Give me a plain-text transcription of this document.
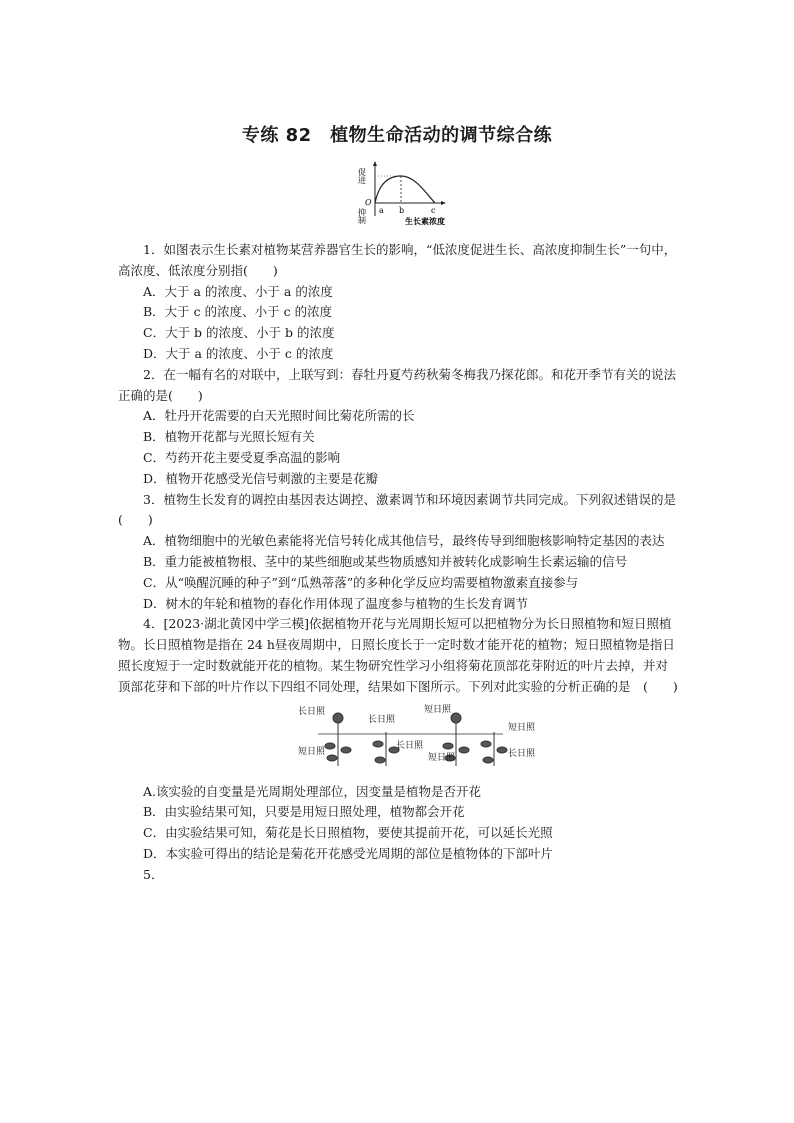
专练 82　植物生命活动的调节综合练
促进
抑制
O
a b	c
生长素浓度

1．如图表示生长素对植物某营养器官生长的影响，“低浓度促进生长、高浓度抑制生长”一句中，高浓度、低浓度分别指(　　)

A．大于 a 的浓度、小于 a 的浓度

B．大于 c 的浓度、小于 c 的浓度

C．大于 b 的浓度、小于 b 的浓度

D．大于 a 的浓度、小于 c 的浓度

2．在一幅有名的对联中，上联写到：春牡丹夏芍药秋菊冬梅我乃探花郎。和花开季节有关的说法正确的是(　　)

A．牡丹开花需要的白天光照时间比菊花所需的长

B．植物开花都与光照长短有关

C．芍药开花主要受夏季高温的影响

D．植物开花感受光信号刺激的主要是花瓣

3．植物生长发育的调控由基因表达调控、激素调节和环境因素调节共同完成。下列叙述错误的是(　　)

A．植物细胞中的光敏色素能将光信号转化成其他信号，最终传导到细胞核影响特定基因的表达

B．重力能被植物根、茎中的某些细胞或某些物质感知并被转化成影响生长素运输的信号

C．从“唤醒沉睡的种子”到“瓜熟蒂落”的多种化学反应均需要植物激素直接参与

D．树木的年轮和植物的春化作用体现了温度参与植物的生长发育调节

4．[2023·湖北黄冈中学三模]依据植物开花与光周期长短可以把植物分为长日照植物和短日照植物。长日照植物是指在 24 h昼夜周期中，日照长度长于一定时数才能开花的植物；短日照植物是指日照长度短于一定时数就能开花的植物。某生物研究性学习小组将菊花顶部花芽附近的叶片去掉，并对顶部花芽和下部的叶片作以下四组不同处理，结果如下图所示。下列对此实验的分析正确的是　(　　)

长日照
短日照
长日照
短日照
长日照
短日照
短日照
长日照

A.该实验的自变量是光周期处理部位，因变量是植物是否开花

B．由实验结果可知，只要是用短日照处理，植物都会开花

C．由实验结果可知，菊花是长日照植物，要使其提前开花，可以延长光照

D．本实验可得出的结论是菊花开花感受光周期的部位是植物体的下部叶片

5．
